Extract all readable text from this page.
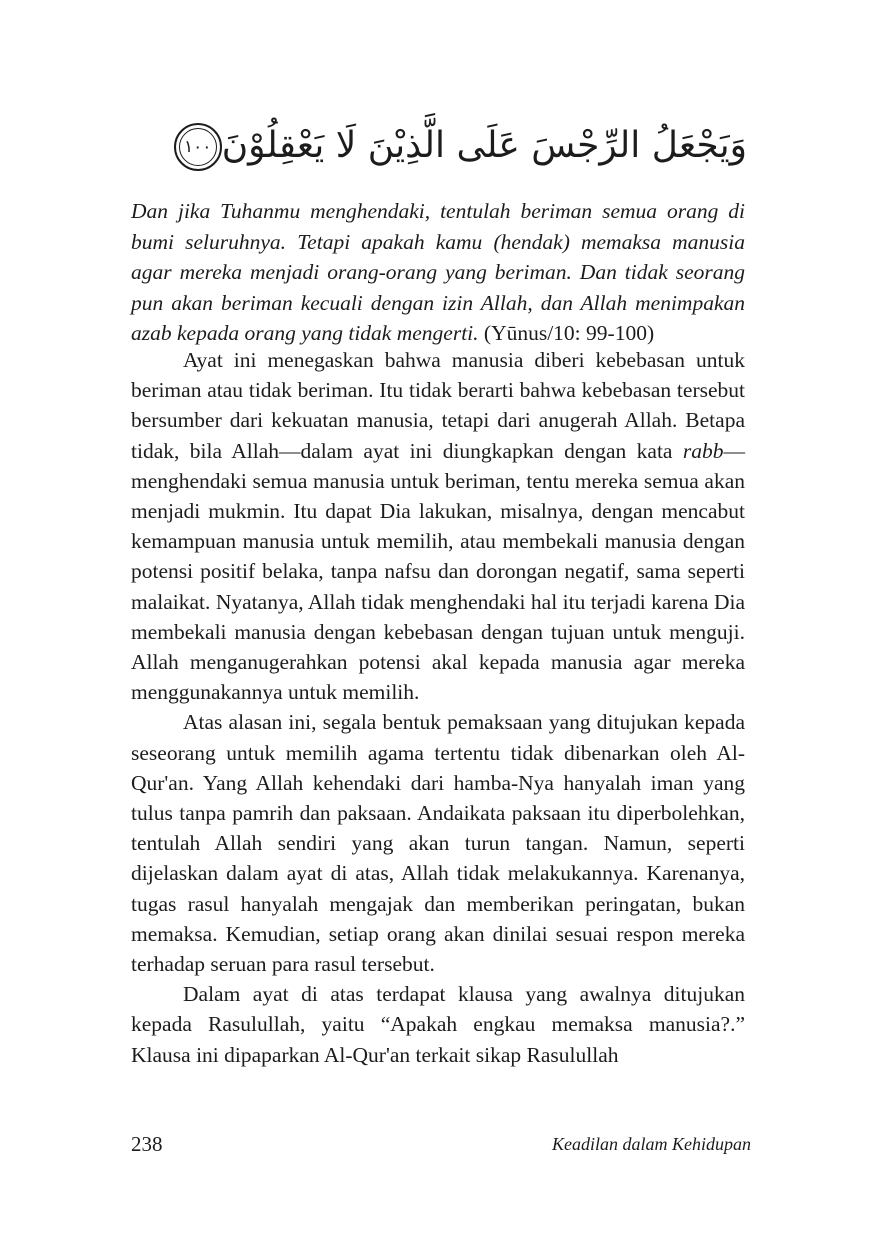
وَيَجْعَلُ الرِّجْسَ عَلَى الَّذِيْنَ لَا يَعْقِلُوْنَ١٠٠
Dan jika Tuhanmu menghendaki, tentulah beriman semua orang di bumi seluruhnya. Tetapi apakah kamu (hendak) memaksa manusia agar mereka menjadi orang-orang yang beriman. Dan tidak seorang pun akan beriman kecuali dengan izin Allah, dan Allah menimpakan azab kepada orang yang tidak mengerti. (Yūnus/10: 99-100)

Ayat ini menegaskan bahwa manusia diberi kebebasan untuk beriman atau tidak beriman. Itu tidak berarti bahwa kebebasan tersebut bersumber dari kekuatan manusia, tetapi dari anugerah Allah. Betapa tidak, bila Allah—dalam ayat ini diungkapkan dengan kata rabb—menghendaki semua manusia untuk beriman, tentu mereka semua akan menjadi mukmin. Itu dapat Dia lakukan, misalnya, dengan mencabut kemampuan manusia untuk memilih, atau membekali manusia dengan potensi positif belaka, tanpa nafsu dan dorongan negatif, sama seperti malaikat. Nyatanya, Allah tidak menghendaki hal itu terjadi karena Dia membekali manusia dengan kebebasan dengan tujuan untuk menguji. Allah menganugerahkan potensi akal kepada manusia agar mereka menggunakannya untuk memilih.

Atas alasan ini, segala bentuk pemaksaan yang ditujukan kepada seseorang untuk memilih agama tertentu tidak dibenarkan oleh Al-Qur'an. Yang Allah kehendaki dari hamba-Nya hanyalah iman yang tulus tanpa pamrih dan paksaan. Andaikata paksaan itu diperbolehkan, tentulah Allah sendiri yang akan turun tangan. Namun, seperti dijelaskan dalam ayat di atas, Allah tidak melakukannya. Karenanya, tugas rasul hanyalah mengajak dan memberikan peringatan, bukan memaksa. Kemudian, setiap orang akan dinilai sesuai respon mereka terhadap seruan para rasul tersebut.

Dalam ayat di atas terdapat klausa yang awalnya ditujukan kepada Rasulullah, yaitu “Apakah engkau memaksa manusia?.” Klausa ini dipaparkan Al-Qur'an terkait sikap Rasulullah

238	Keadilan dalam Kehidupan
